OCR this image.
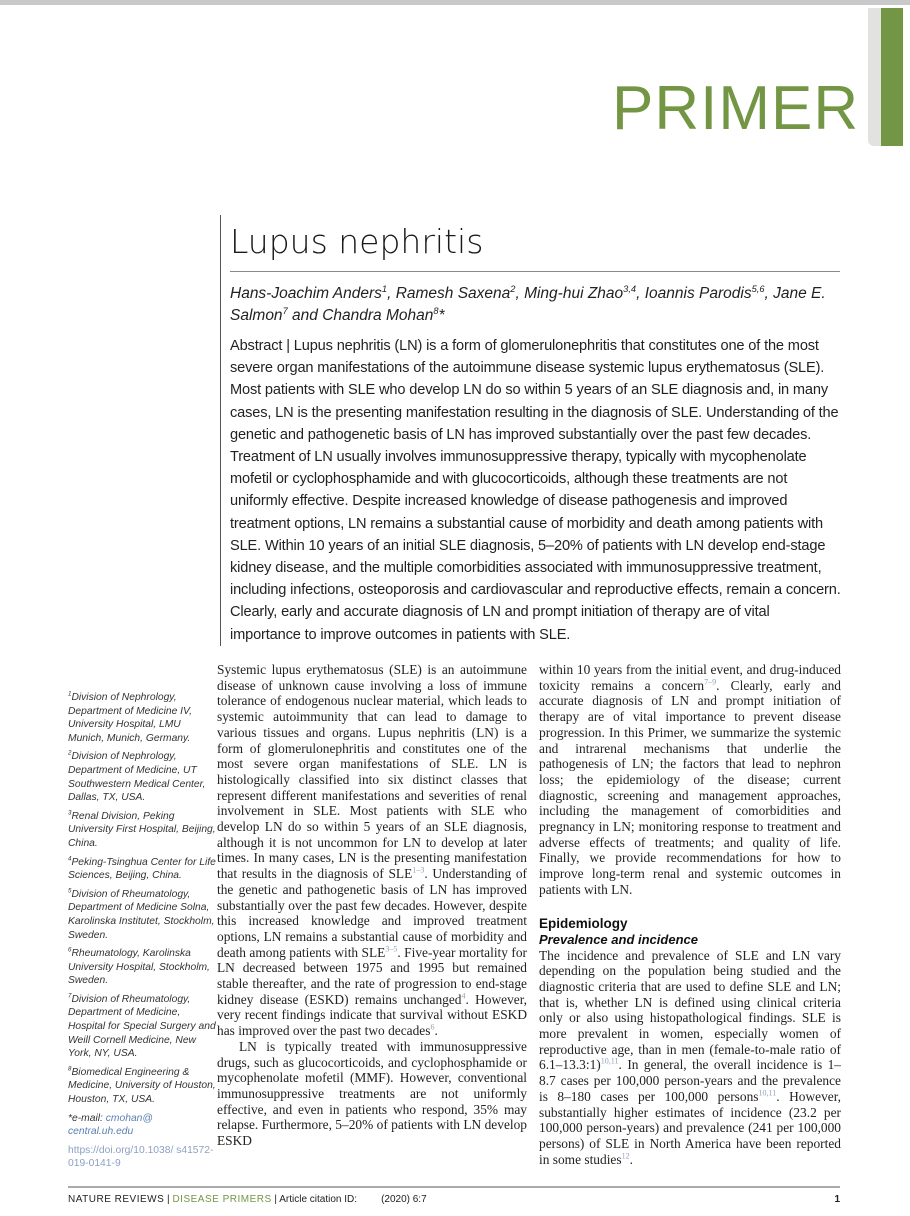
PRIMER
Lupus nephritis
Hans-Joachim Anders$^1$, Ramesh Saxena$^2$, Ming-hui Zhao$^{3,4}$, Ioannis Parodis$^{5,6}$, Jane E. Salmon$^7$ and Chandra Mohan$^8$*
Abstract | Lupus nephritis (LN) is a form of glomerulonephritis that constitutes one of the most severe organ manifestations of the autoimmune disease systemic lupus erythematosus (SLE). Most patients with SLE who develop LN do so within 5 years of an SLE diagnosis and, in many cases, LN is the presenting manifestation resulting in the diagnosis of SLE. Understanding of the genetic and pathogenetic basis of LN has improved substantially over the past few decades. Treatment of LN usually involves immunosuppressive therapy, typically with mycophenolate mofetil or cyclophosphamide and with glucocorticoids, although these treatments are not uniformly effective. Despite increased knowledge of disease pathogenesis and improved treatment options, LN remains a substantial cause of morbidity and death among patients with SLE. Within 10 years of an initial SLE diagnosis, 5–20% of patients with LN develop end-stage kidney disease, and the multiple comorbidities associated with immunosuppressive treatment, including infections, osteoporosis and cardiovascular and reproductive effects, remain a concern. Clearly, early and accurate diagnosis of LN and prompt initiation of therapy are of vital importance to improve outcomes in patients with SLE.

$^1$Division of Nephrology, Department of Medicine IV, University Hospital, LMU Munich, Munich, Germany.

$^2$Division of Nephrology, Department of Medicine, UT Southwestern Medical Center, Dallas, TX, USA.

$^3$Renal Division, Peking University First Hospital, Beijing, China.

$^4$Peking-Tsinghua Center for Life Sciences, Beijing, China.

$^5$Division of Rheumatology, Department of Medicine Solna, Karolinska Institutet, Stockholm, Sweden.

$^6$Rheumatology, Karolinska University Hospital, Stockholm, Sweden.

$^7$Division of Rheumatology, Department of Medicine, Hospital for Special Surgery and Weill Cornell Medicine, New York, NY, USA.

$^8$Biomedical Engineering & Medicine, University of Houston, Houston, TX, USA.

*e-mail: cmohan@ central.uh.edu

https://doi.org/10.1038/ s41572-019-0141-9

Systemic lupus erythematosus (SLE) is an autoimmune disease of unknown cause involving a loss of immune tolerance of endogenous nuclear material, which leads to systemic autoimmunity that can lead to damage to various tissues and organs. Lupus nephritis (LN) is a form of glomerulonephritis and constitutes one of the most severe organ manifestations of SLE. LN is histologically classified into six distinct classes that represent different manifestations and severities of renal involvement in SLE. Most patients with SLE who develop LN do so within 5 years of an SLE diagnosis, although it is not uncommon for LN to develop at later times. In many cases, LN is the presenting manifestation that results in the diagnosis of SLE$^{1-3}$. Understanding of the genetic and pathogenetic basis of LN has improved substantially over the past few decades. However, despite this increased knowledge and improved treatment options, LN remains a substantial cause of morbidity and death among patients with SLE$^{3-5}$. Five-year mortality for LN decreased between 1975 and 1995 but remained stable thereafter, and the rate of progression to end-stage kidney disease (ESKD) remains unchanged$^4$. However, very recent findings indicate that survival without ESKD has improved over the past two decades$^6$.

LN is typically treated with immunosuppressive drugs, such as glucocorticoids, and cyclophosphamide or mycophenolate mofetil (MMF). However, conventional immunosuppressive treatments are not uniformly effective, and even in patients who respond, 35% may relapse. Furthermore, 5–20% of patients with LN develop ESKD

within 10 years from the initial event, and drug-induced toxicity remains a concern$^{7-9}$. Clearly, early and accurate diagnosis of LN and prompt initiation of therapy are of vital importance to prevent disease progression. In this Primer, we summarize the systemic and intrarenal mechanisms that underlie the pathogenesis of LN; the factors that lead to nephron loss; the epidemiology of the disease; current diagnostic, screening and management approaches, including the management of comorbidities and pregnancy in LN; monitoring response to treatment and adverse effects of treatments; and quality of life. Finally, we provide recommendations for how to improve long-term renal and systemic outcomes in patients with LN.

Epidemiology

Prevalence and incidence

The incidence and prevalence of SLE and LN vary depending on the population being studied and the diagnostic criteria that are used to define SLE and LN; that is, whether LN is defined using clinical criteria only or also using histopathological findings. SLE is more prevalent in women, especially women of reproductive age, than in men (female-to-male ratio of 6.1–13.3:1)$^{10,11}$. In general, the overall incidence is 1–8.7 cases per 100,000 person-years and the prevalence is 8–180 cases per 100,000 persons$^{10,11}$. However, substantially higher estimates of incidence (23.2 per 100,000 person-years) and prevalence (241 per 100,000 persons) of SLE in North America have been reported in some studies$^{12}$.

NATURE REVIEWS | DISEASE PRIMERS | Article citation ID: (2020) 6:7	1
